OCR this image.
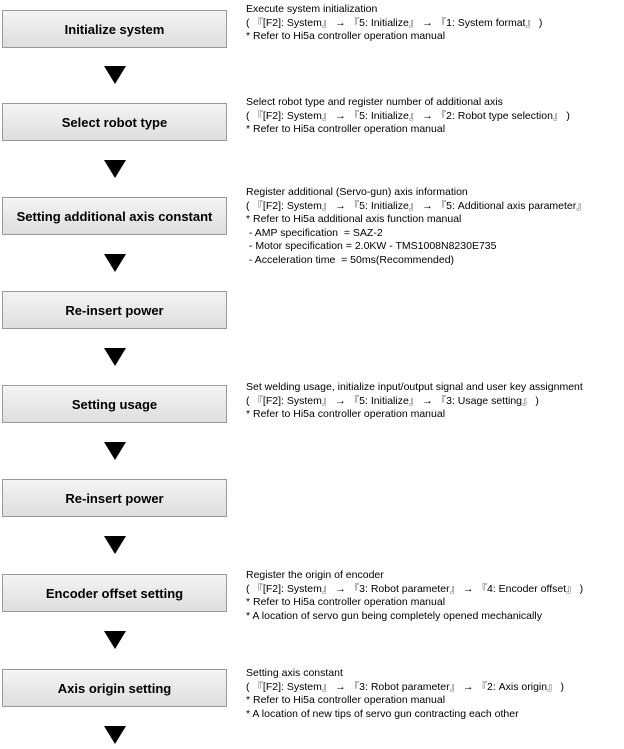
Initialize system
Select robot type
Setting additional axis constant
Re-insert power
Setting usage
Re-insert power
Encoder offset setting
Axis origin setting
Execute system initialization
( 『[F2]: System』 → 『5: Initialize』 → 『1: System format』 )
* Refer to Hi5a controller operation manual
Select robot type and register number of additional axis
( 『[F2]: System』 → 『5: Initialize』 → 『2: Robot type selection』 )
* Refer to Hi5a controller operation manual
Register additional (Servo-gun) axis information
( 『[F2]: System』 → 『5: Initialize』 → 『5: Additional axis parameter』
* Refer to Hi5a additional axis function manual
- AMP specification  = SAZ-2
- Motor specification = 2.0KW - TMS1008N8230E735
- Acceleration time  = 50ms(Recommended)
Set welding usage, initialize input/output signal and user key assignment
( 『[F2]: System』 → 『5: Initialize』 → 『3: Usage setting』 )
* Refer to Hi5a controller operation manual
Register the origin of encoder
( 『[F2]: System』 → 『3: Robot parameter』 → 『4: Encoder offset』 )
* Refer to Hi5a controller operation manual
* A location of servo gun being completely opened mechanically
Setting axis constant
( 『[F2]: System』 → 『3: Robot parameter』 → 『2: Axis origin』 )
* Refer to Hi5a controller operation manual
* A location of new tips of servo gun contracting each other
